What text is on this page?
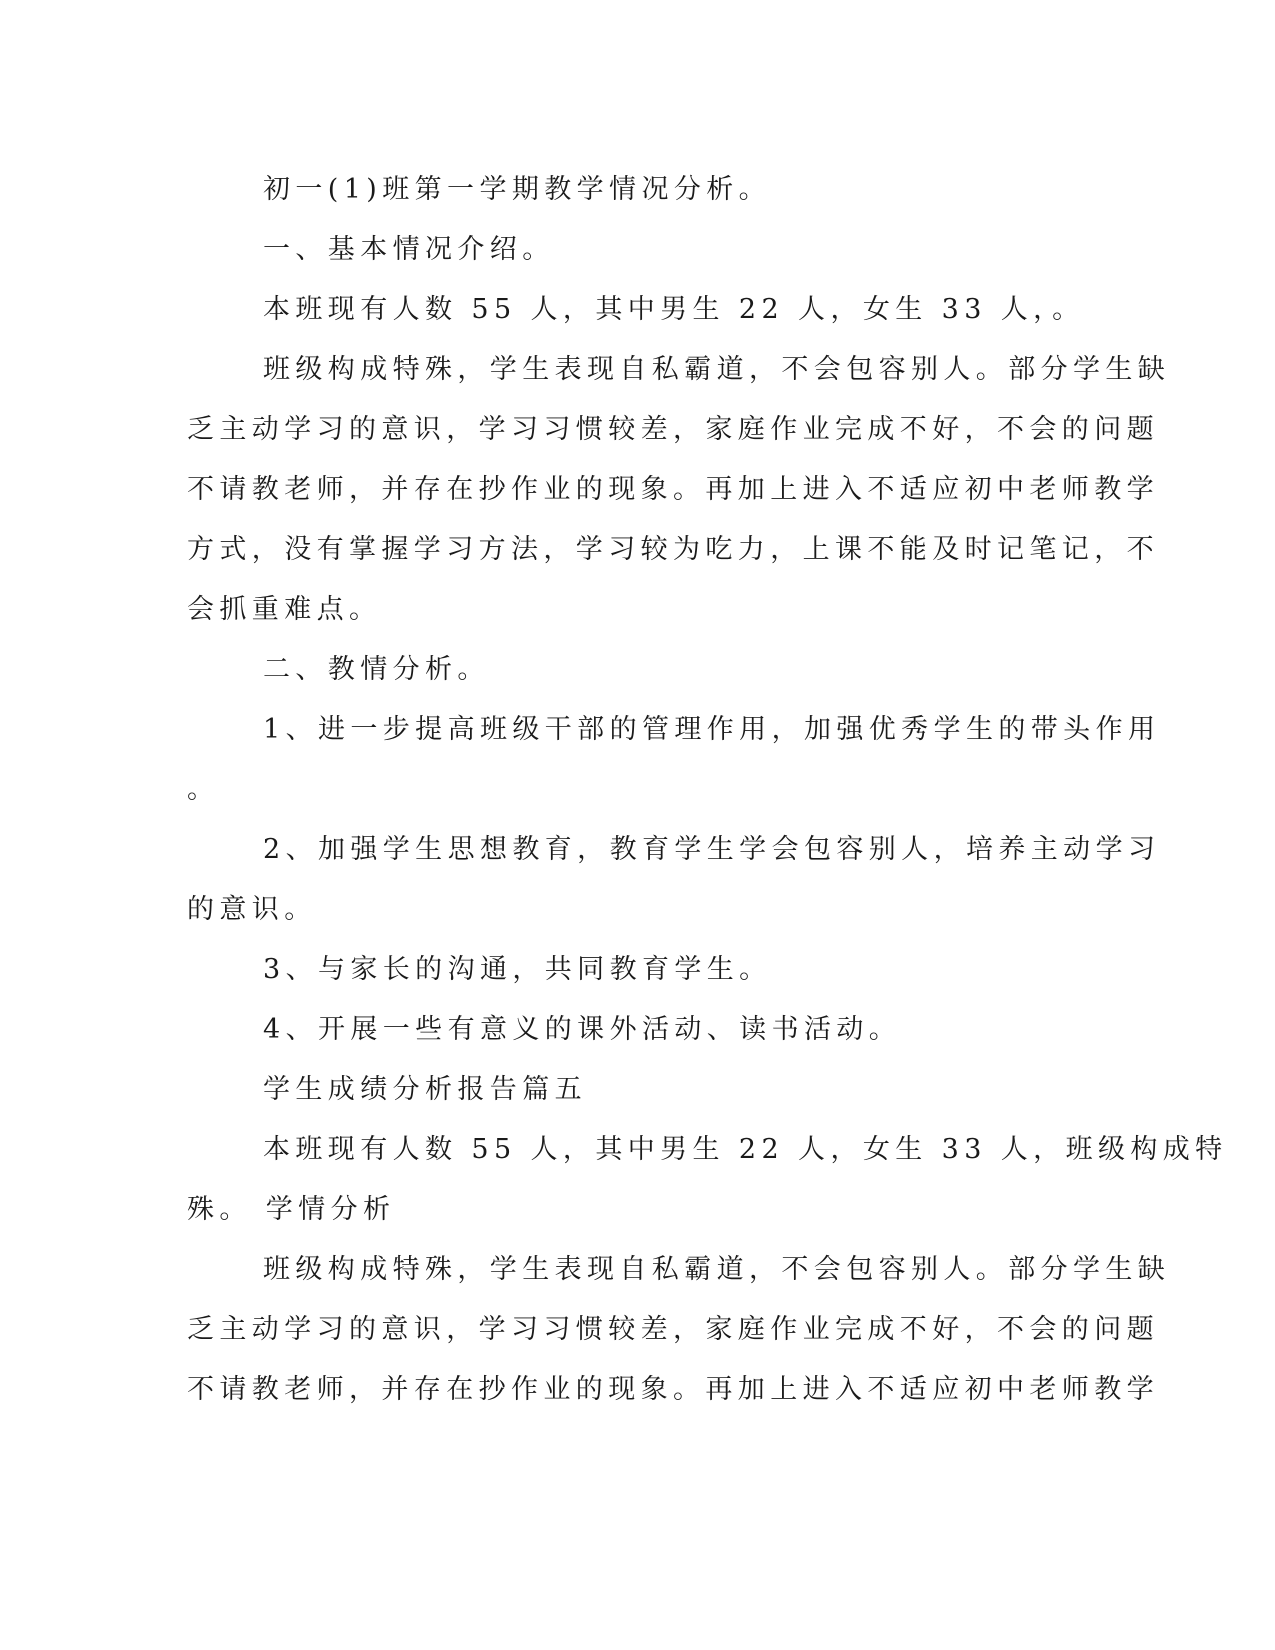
初一(1)班第一学期教学情况分析。

一、基本情况介绍。

本班现有人数 55 人，其中男生 22 人，女生 33 人，。

班级构成特殊，学生表现自私霸道，不会包容别人。部分学生缺

乏主动学习的意识，学习习惯较差，家庭作业完成不好，不会的问题

不请教老师，并存在抄作业的现象。再加上进入不适应初中老师教学

方式，没有掌握学习方法，学习较为吃力，上课不能及时记笔记，不

会抓重难点。

二、教情分析。

1、进一步提高班级干部的管理作用，加强优秀学生的带头作用

。

2、加强学生思想教育，教育学生学会包容别人，培养主动学习

的意识。

3、与家长的沟通，共同教育学生。

4、开展一些有意义的课外活动、读书活动。

学生成绩分析报告篇五

本班现有人数 55 人，其中男生 22 人，女生 33 人，班级构成特

殊。 学情分析

班级构成特殊，学生表现自私霸道，不会包容别人。部分学生缺

乏主动学习的意识，学习习惯较差，家庭作业完成不好，不会的问题

不请教老师，并存在抄作业的现象。再加上进入不适应初中老师教学
